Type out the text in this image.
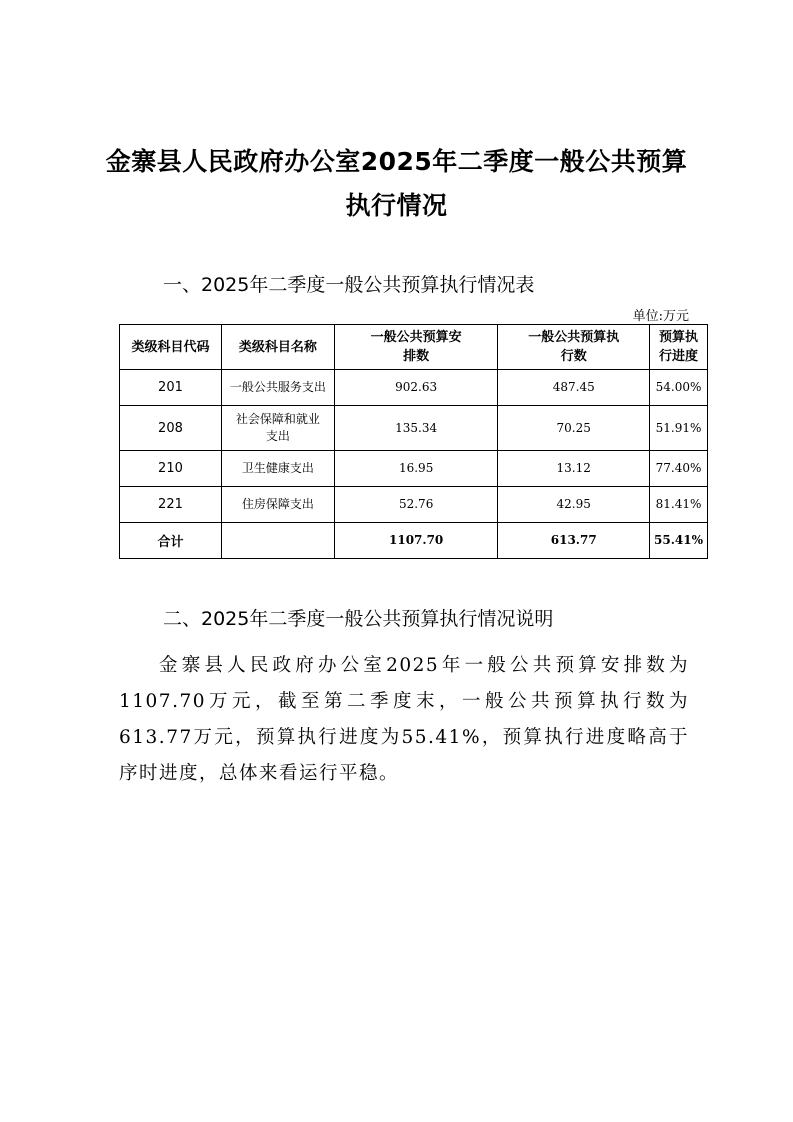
金寨县人民政府办公室2025年二季度一般公共预算
执行情况
一、2025年二季度一般公共预算执行情况表
单位:万元
类级科目代码	类级科目名称	一般公共预算安排数	一般公共预算执行数	预算执行进度
201	一般公共服务支出	902.63	487.45	54.00%
208	社会保障和就业支出	135.34	70.25	51.91%
210	卫生健康支出	16.95	13.12	77.40%
221	住房保障支出	52.76	42.95	81.41%
合计		1107.70	613.77	55.41%
二、2025年二季度一般公共预算执行情况说明
金寨县人民政府办公室2025年一般公共预算安排数为1107.70万元，截至第二季度末，一般公共预算执行数为613.77万元，预算执行进度为55.41%，预算执行进度略高于序时进度，总体来看运行平稳。
